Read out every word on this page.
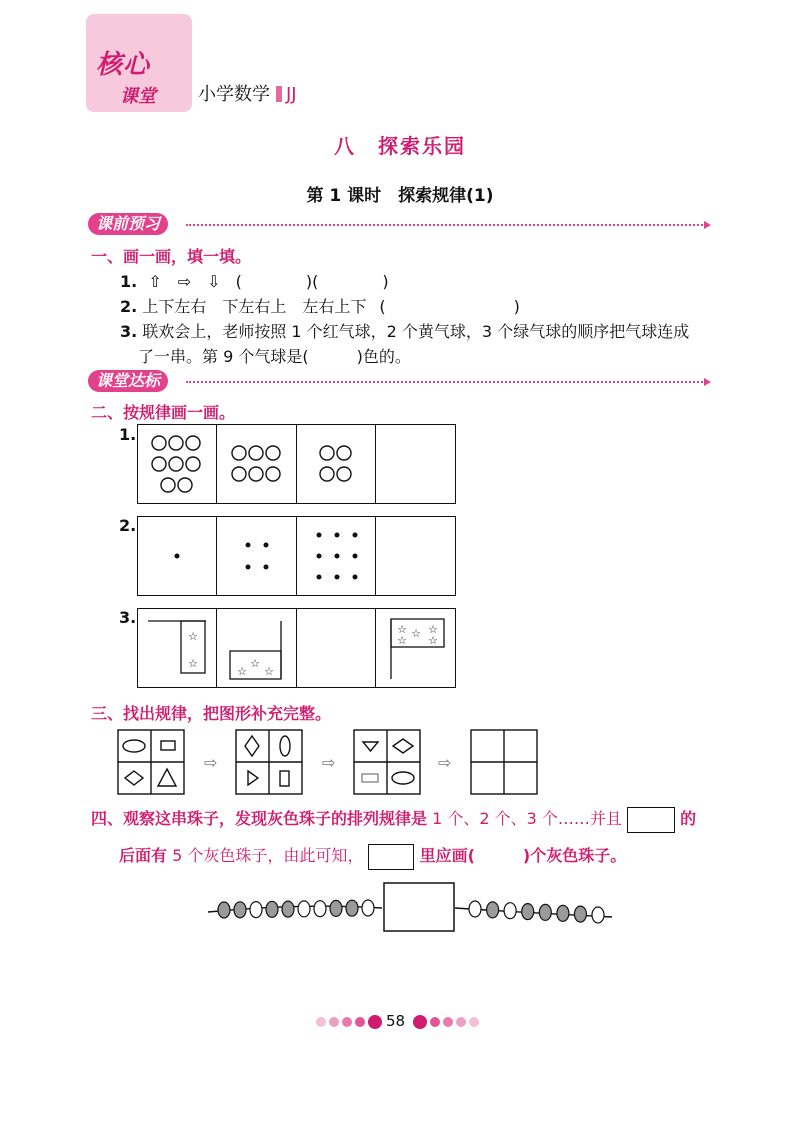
核心
课堂 小学数学 JJ
八　探索乐园
第 1 课时　探索规律(1)
课前预习
一、画一画，填一填。
1. ⇧　⇨　⇩ (　　　　)(　　　　)
2. 上下左右　下左右上　左右上下 (　　　　　　　　)
3. 联欢会上，老师按照 1 个红气球，2 个黄气球，3 个绿气球的顺序把气球连成
了一串。第 9 个气球是(　　　)色的。
课堂达标
二、按规律画一画。
1.
2.
3.
☆
☆
☆
☆
☆
☆ ☆ ☆
☆ ☆
三、找出规律，把图形补充完整。
⇨	⇨	⇨
四、观察这串珠子，发现灰色珠子的排列规律是 1 个、2 个、3 个……并且	的
后面有 5 个灰色珠子，由此可知，	里应画(　　　)个灰色珠子。
58
